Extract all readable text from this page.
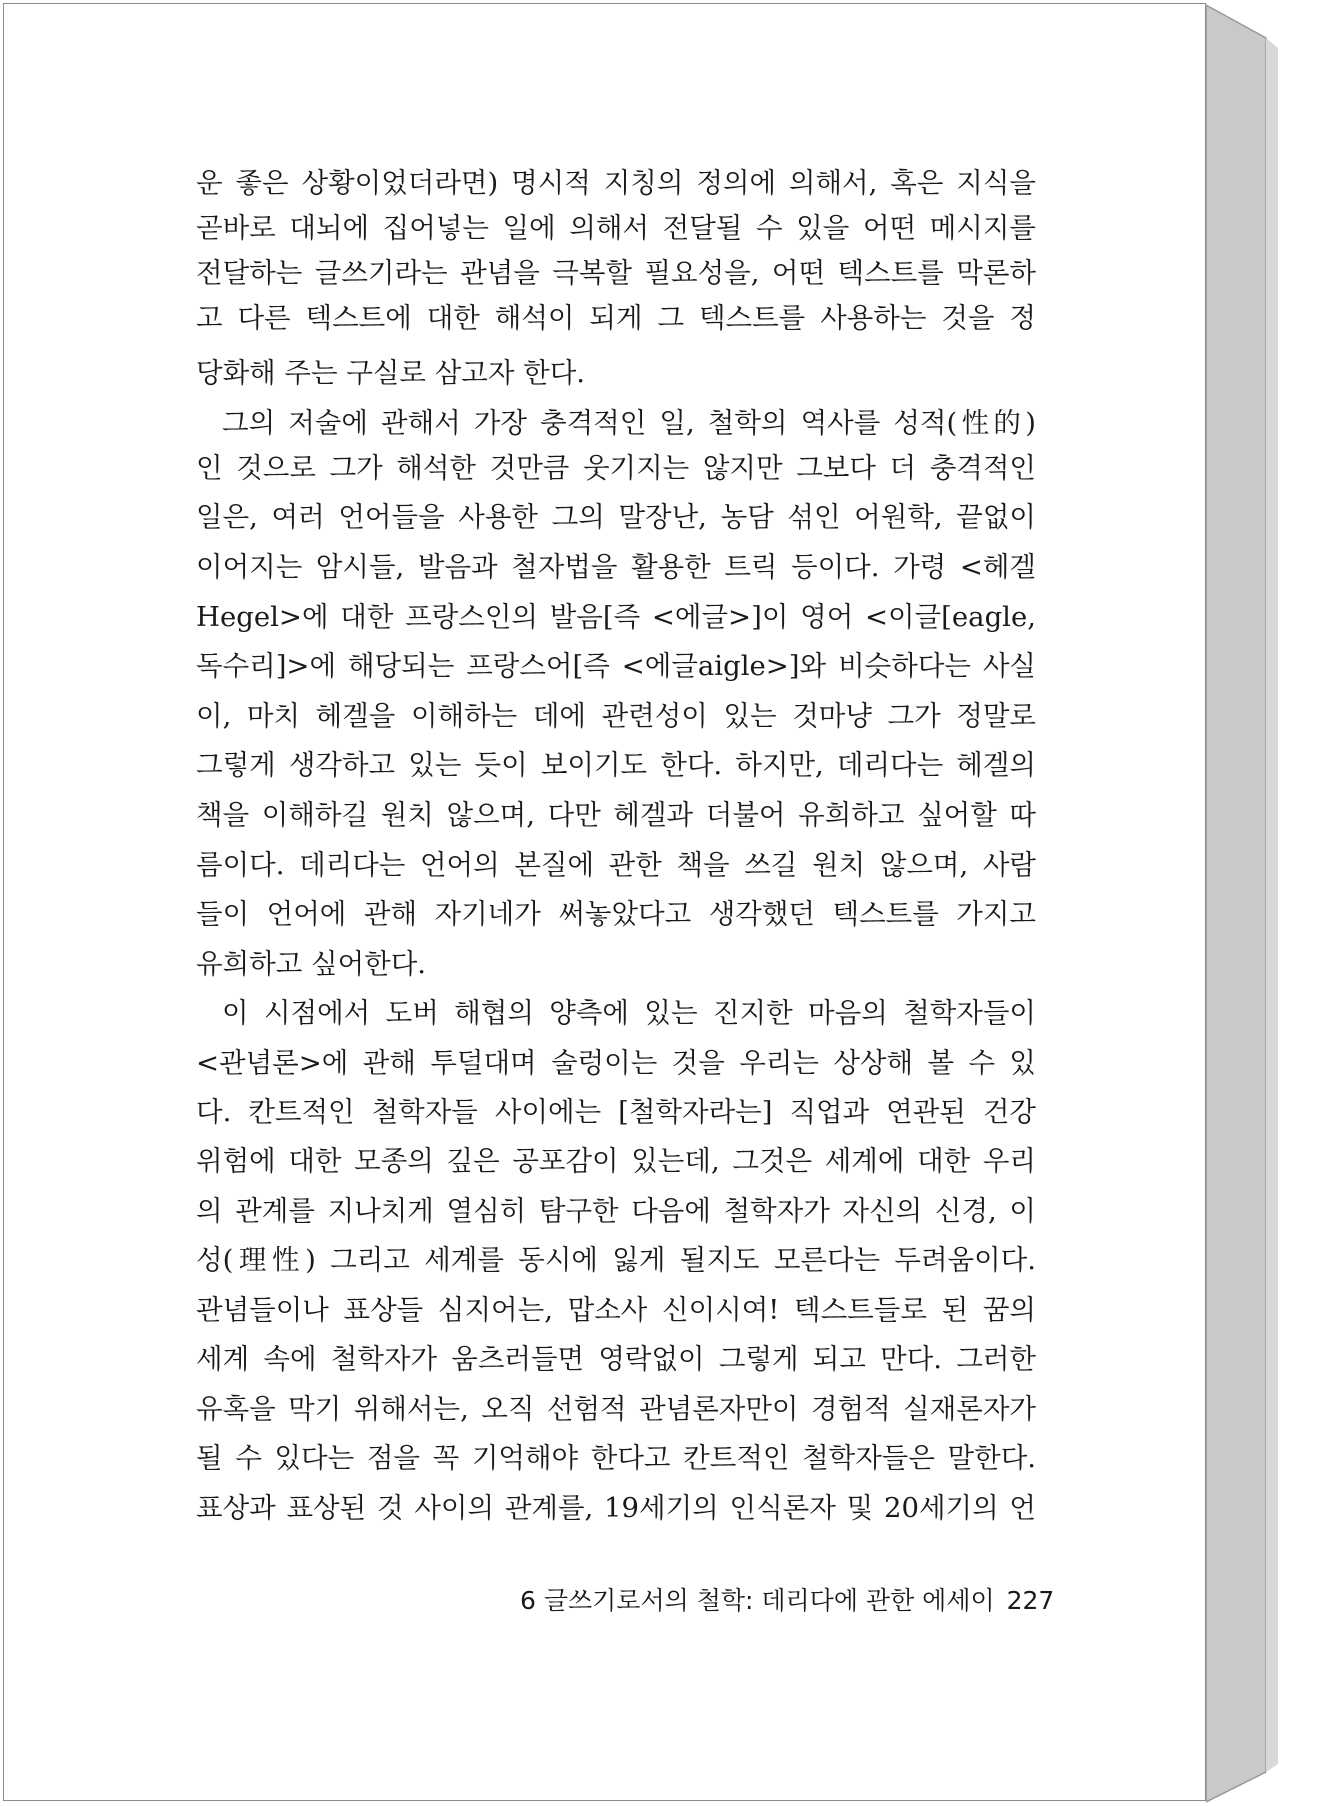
운 좋은 상황이었더라면) 명시적 지칭의 정의에 의해서, 혹은 지식을
곧바로 대뇌에 집어넣는 일에 의해서 전달될 수 있을 어떤 메시지를
전달하는 글쓰기라는 관념을 극복할 필요성을, 어떤 텍스트를 막론하
고 다른 텍스트에 대한 해석이 되게 그 텍스트를 사용하는 것을 정
당화해 주는 구실로 삼고자 한다.
그의 저술에 관해서 가장 충격적인 일, 철학의 역사를 성적(性的)
인 것으로 그가 해석한 것만큼 웃기지는 않지만 그보다 더 충격적인
일은, 여러 언어들을 사용한 그의 말장난, 농담 섞인 어원학, 끝없이
이어지는 암시들, 발음과 철자법을 활용한 트릭 등이다. 가령 <헤겔
Hegel>에 대한 프랑스인의 발음[즉 <에글>]이 영어 <이글[eagle,
독수리]>에 해당되는 프랑스어[즉 <에글aigle>]와 비슷하다는 사실
이, 마치 헤겔을 이해하는 데에 관련성이 있는 것마냥 그가 정말로
그렇게 생각하고 있는 듯이 보이기도 한다. 하지만, 데리다는 헤겔의
책을 이해하길 원치 않으며, 다만 헤겔과 더불어 유희하고 싶어할 따
름이다. 데리다는 언어의 본질에 관한 책을 쓰길 원치 않으며, 사람
들이 언어에 관해 자기네가 써놓았다고 생각했던 텍스트를 가지고
유희하고 싶어한다.
이 시점에서 도버 해협의 양측에 있는 진지한 마음의 철학자들이
<관념론>에 관해 투덜대며 술렁이는 것을 우리는 상상해 볼 수 있
다. 칸트적인 철학자들 사이에는 [철학자라는] 직업과 연관된 건강
위험에 대한 모종의 깊은 공포감이 있는데, 그것은 세계에 대한 우리
의 관계를 지나치게 열심히 탐구한 다음에 철학자가 자신의 신경, 이
성(理性) 그리고 세계를 동시에 잃게 될지도 모른다는 두려움이다.
관념들이나 표상들 심지어는, 맙소사 신이시여! 텍스트들로 된 꿈의
세계 속에 철학자가 움츠러들면 영락없이 그렇게 되고 만다. 그러한
유혹을 막기 위해서는, 오직 선험적 관념론자만이 경험적 실재론자가
될 수 있다는 점을 꼭 기억해야 한다고 칸트적인 철학자들은 말한다.
표상과 표상된 것 사이의 관계를, 19세기의 인식론자 및 20세기의 언
6 글쓰기로서의 철학: 데리다에 관한 에세이 227
